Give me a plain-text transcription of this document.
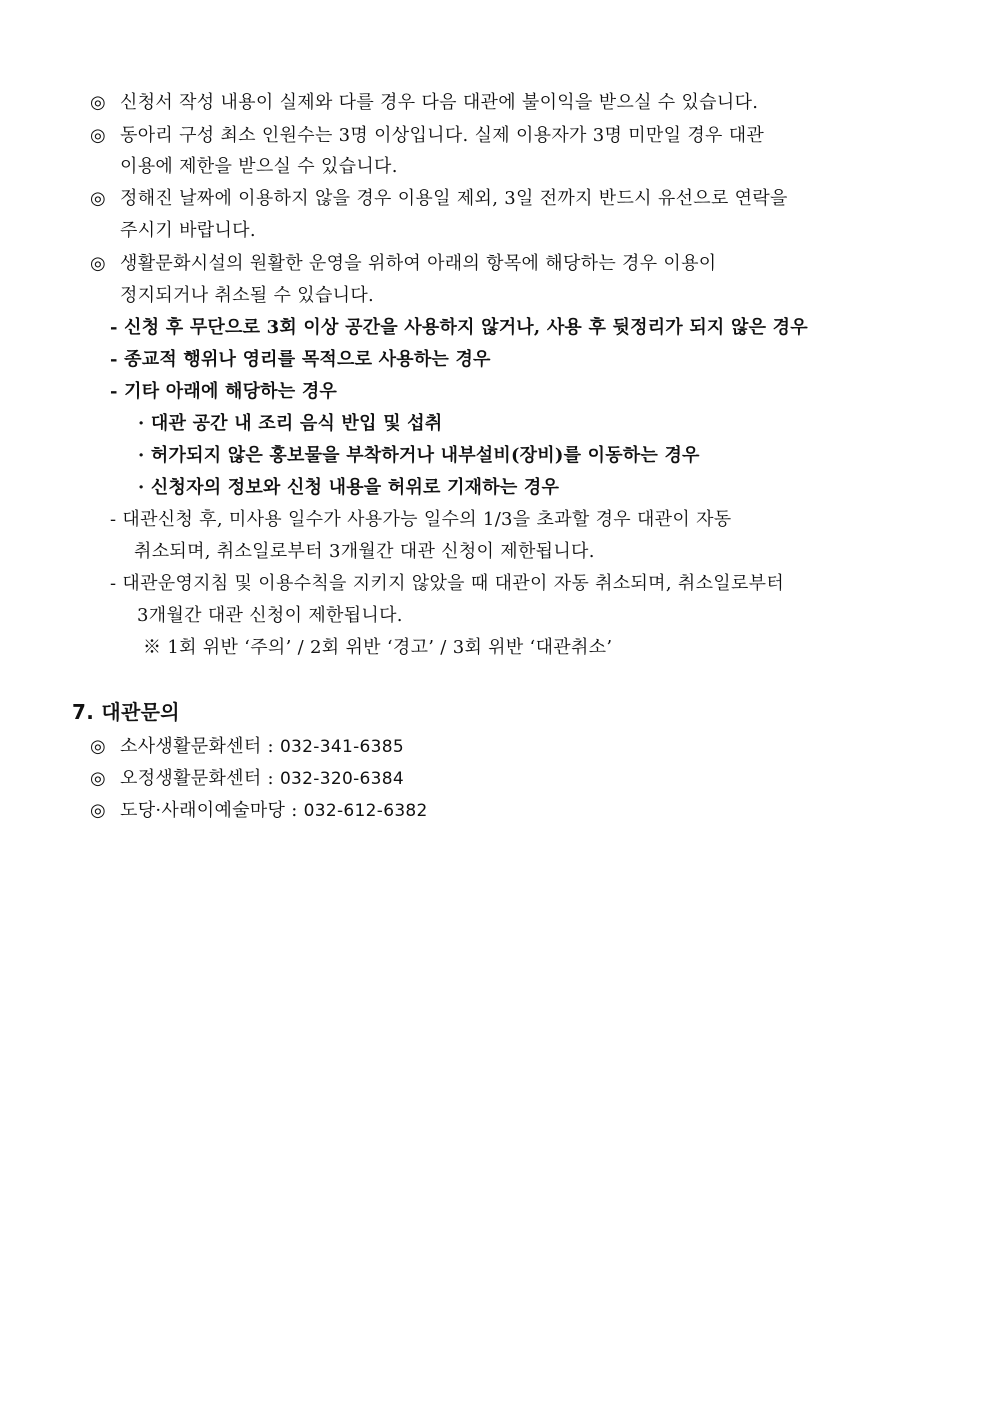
◎ 신청서 작성 내용이 실제와 다를 경우 다음 대관에 불이익을 받으실 수 있습니다.
◎ 동아리 구성 최소 인원수는 3명 이상입니다. 실제 이용자가 3명 미만일 경우 대관
이용에 제한을 받으실 수 있습니다.
◎ 정해진 날짜에 이용하지 않을 경우 이용일 제외, 3일 전까지 반드시 유선으로 연락을
주시기 바랍니다.
◎ 생활문화시설의 원활한 운영을 위하여 아래의 항목에 해당하는 경우 이용이
정지되거나 취소될 수 있습니다.
- 신청 후 무단으로 3회 이상 공간을 사용하지 않거나, 사용 후 뒷정리가 되지 않은 경우
- 종교적 행위나 영리를 목적으로 사용하는 경우
- 기타 아래에 해당하는 경우
· 대관 공간 내 조리 음식 반입 및 섭취
· 허가되지 않은 홍보물을 부착하거나 내부설비(장비)를 이동하는 경우
· 신청자의 정보와 신청 내용을 허위로 기재하는 경우
- 대관신청 후, 미사용 일수가 사용가능 일수의 1/3을 초과할 경우 대관이 자동
취소되며, 취소일로부터 3개월간 대관 신청이 제한됩니다.
- 대관운영지침 및 이용수칙을 지키지 않았을 때 대관이 자동 취소되며, 취소일로부터
3개월간 대관 신청이 제한됩니다.
※ 1회 위반 ‘주의’ / 2회 위반 ‘경고’ / 3회 위반 ‘대관취소’
7. 대관문의
◎ 소사생활문화센터 : 032-341-6385
◎ 오정생활문화센터 : 032-320-6384
◎ 도당·사래이예술마당 : 032-612-6382
